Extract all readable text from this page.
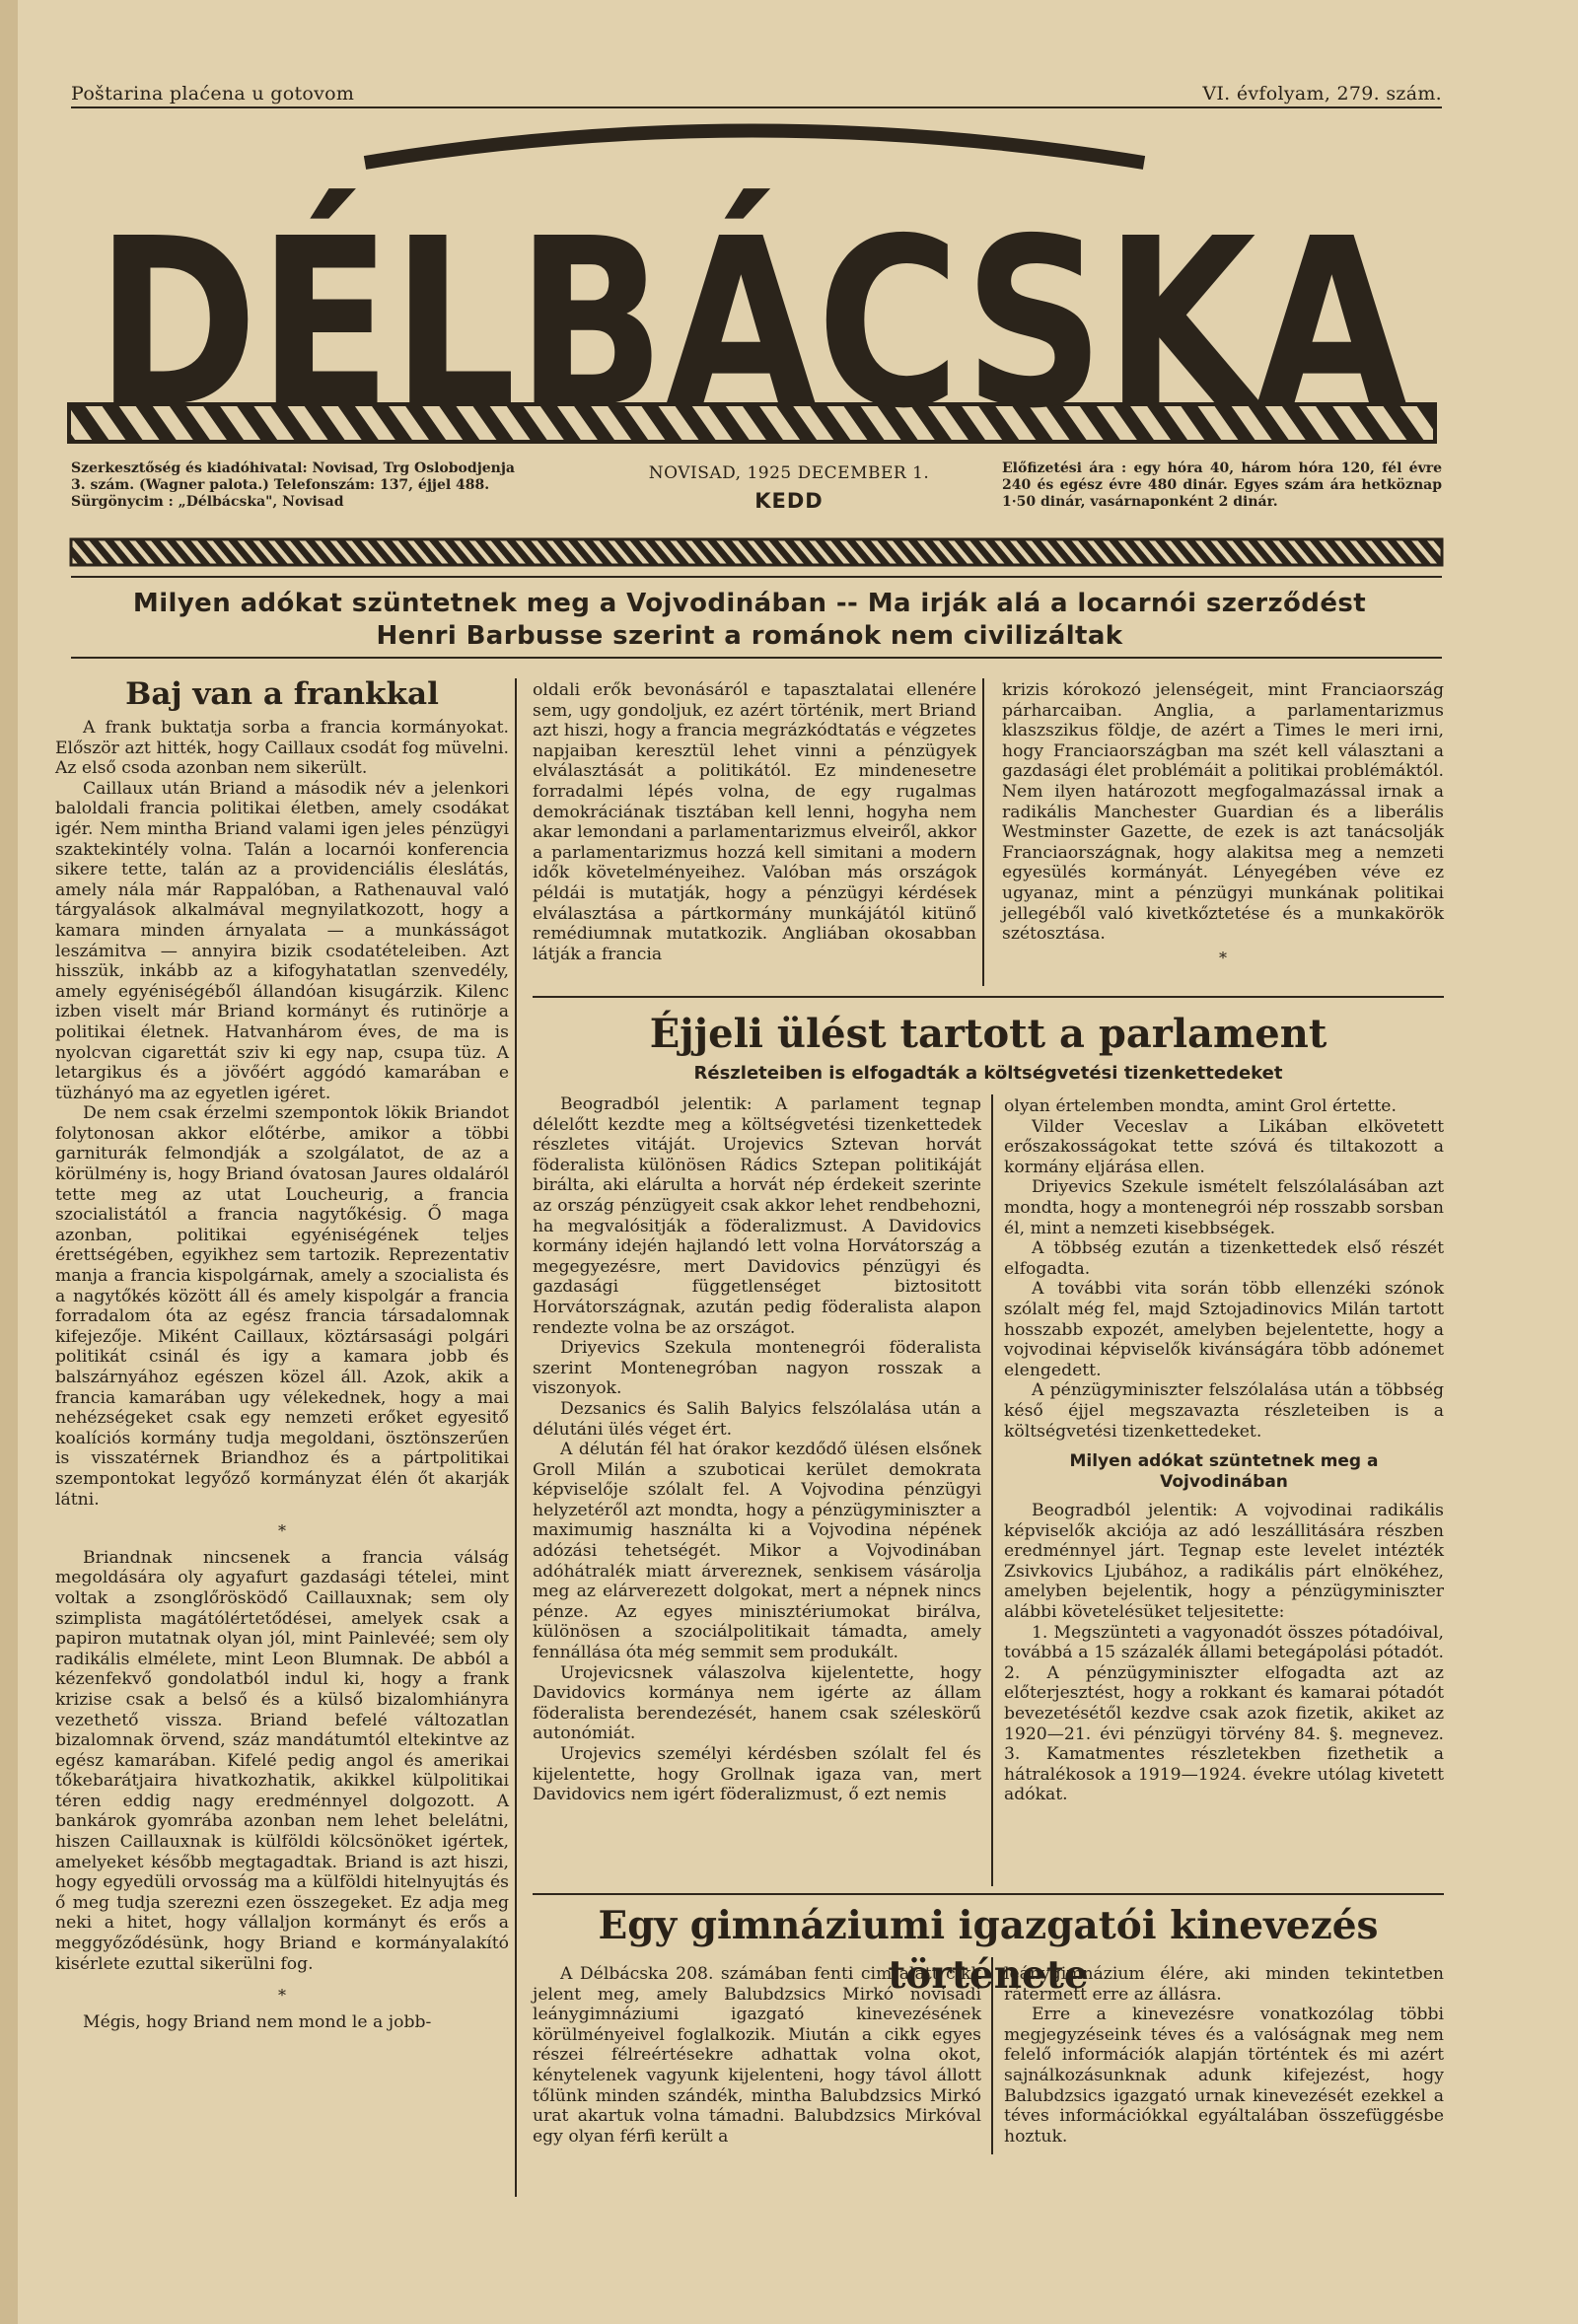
Poštarina plaćena u gotovom	VI. évfolyam, 279. szám.
DÉLBÁCSKA
Szerkesztőség és kiadóhivatal: Novisad, Trg Oslobodjenja 3. szám. (Wagner palota.) Telefonszám: 137, éjjel 488. Sürgönycim : „Délbácska", Novisad
NOVISAD, 1925 DECEMBER 1.
KEDD
Előfizetési ára : egy hóra 40, három hóra 120, fél évre 240 és egész évre 480 dinár. Egyes szám ára hetköznap 1·50 dinár, vasárnaponként 2 dinár.
Milyen adókat szüntetnek meg a Vojvodinában -- Ma irják alá a locarnói szerződést
Henri Barbusse szerint a románok nem civilizáltak
Baj van a frankkal

A frank buktatja sorba a francia kormányokat. Először azt hitték, hogy Caillaux csodát fog müvelni. Az első csoda azonban nem sikerült.

Caillaux után Briand a második név a jelenkori baloldali francia politikai életben, amely csodákat igér. Nem mintha Briand valami igen jeles pénzügyi szaktekintély volna. Talán a locarnói konferencia sikere tette, talán az a providenciális éleslátás, amely nála már Rappalóban, a Rathenauval való tárgyalások alkalmával megnyilatkozott, hogy a kamara minden árnyalata — a munkásságot leszámitva — annyira bizik csodatételeiben. Azt hisszük, inkább az a kifogyhatatlan szenvedély, amely egyéniségéből állandóan kisugárzik. Kilenc izben viselt már Briand kormányt és rutinörje a politikai életnek. Hatvanhárom éves, de ma is nyolcvan cigarettát sziv ki egy nap, csupa tüz. A letargikus és a jövőért aggódó kamarában e tüzhányó ma az egyetlen igéret.

De nem csak érzelmi szempontok lökik Briandot folytonosan akkor előtérbe, amikor a többi garniturák felmondják a szolgálatot, de az a körülmény is, hogy Briand óvatosan Jaures oldaláról tette meg az utat Loucheurig, a francia szocialistától a francia nagytőkésig. Ő maga azonban, politikai egyéniségének teljes érettségében, egyikhez sem tartozik. Reprezentativ manja a francia kispolgárnak, amely a szocialista és a nagytőkés között áll és amely kispolgár a francia forradalom óta az egész francia társadalomnak kifejezője. Miként Caillaux, köztársasági polgári politikát csinál és igy a kamara jobb és balszárnyához egészen közel áll. Azok, akik a francia kamarában ugy vélekednek, hogy a mai nehézségeket csak egy nemzeti erőket egyesitő koalíciós kormány tudja megoldani, ösztönszerűen is visszatérnek Briandhoz és a pártpolitikai szempontokat legyőző kormányzat élén őt akarják látni.

*

Briandnak nincsenek a francia válság megoldására oly agyafurt gazdasági tételei, mint voltak a zsonglőrösködő Caillauxnak; sem oly szimplista magátólértetődései, amelyek csak a papiron mutatnak olyan jól, mint Painlevéé; sem oly radikális elmélete, mint Leon Blumnak. De abból a kézenfekvő gondolatból indul ki, hogy a frank krizise csak a belső és a külső bizalomhiányra vezethető vissza. Briand befelé változatlan bizalomnak örvend, száz mandátumtól eltekintve az egész kamarában. Kifelé pedig angol és amerikai tőkebarátjaira hivatkozhatik, akikkel külpolitikai téren eddig nagy eredménnyel dolgozott. A bankárok gyomrába azonban nem lehet belelátni, hiszen Caillauxnak is külföldi kölcsönöket igértek, amelyeket később megtagadtak. Briand is azt hiszi, hogy egyedüli orvosság ma a külföldi hitelnyujtás és ő meg tudja szerezni ezen összegeket. Ez adja meg neki a hitet, hogy vállaljon kormányt és erős a meggyőződésünk, hogy Briand e kormányalakító kisérlete ezuttal sikerülni fog.

*

Mégis, hogy Briand nem mond le a jobb-

oldali erők bevonásáról e tapasztalatai ellenére sem, ugy gondoljuk, ez azért történik, mert Briand azt hiszi, hogy a francia megrázkódtatás e végzetes napjaiban keresztül lehet vinni a pénzügyek elválasztását a politikától. Ez mindenesetre forradalmi lépés volna, de egy rugalmas demokráciának tisztában kell lenni, hogyha nem akar lemondani a parlamentarizmus elveiről, akkor a parlamentarizmus hozzá kell simitani a modern idők követelményeihez. Valóban más országok példái is mutatják, hogy a pénzügyi kérdések elválasztása a pártkormány munkájától kitünő remédiumnak mutatkozik. Angliában okosabban látják a francia

krizis kórokozó jelenségeit, mint Franciaország párharcaiban. Anglia, a parlamentarizmus klaszszikus földje, de azért a Times le meri irni, hogy Franciaországban ma szét kell választani a gazdasági élet problémáit a politikai problémáktól. Nem ilyen határozott megfogalmazással irnak a radikális Manchester Guardian és a liberális Westminster Gazette, de ezek is azt tanácsolják Franciaországnak, hogy alakitsa meg a nemzeti egyesülés kormányát. Lényegében véve ez ugyanaz, mint a pénzügyi munkának politikai jellegéből való kivetkőztetése és a munkakörök szétosztása.

*

Éjjeli ülést tartott a parlament
Részleteiben is elfogadták a költségvetési tizenkettedeket

Beogradból jelentik: A parlament tegnap délelőtt kezdte meg a költségvetési tizenkettedek részletes vitáját. Urojevics Sztevan horvát föderalista különösen Rádics Sztepan politikáját birálta, aki elárulta a horvát nép érdekeit szerinte az ország pénzügyeit csak akkor lehet rendbehozni, ha megvalósitják a föderalizmust. A Davidovics kormány idején hajlandó lett volna Horvátország a megegyezésre, mert Davidovics pénzügyi és gazdasági függetlenséget biztositott Horvátországnak, azután pedig föderalista alapon rendezte volna be az országot.

Driyevics Szekula montenegrói föderalista szerint Montenegróban nagyon rosszak a viszonyok.

Dezsanics és Salih Balyics felszólalása után a délutáni ülés véget ért.

A délután fél hat órakor kezdődő ülésen elsőnek Groll Milán a szuboticai kerület demokrata képviselője szólalt fel. A Vojvodina pénzügyi helyzetéről azt mondta, hogy a pénzügyminiszter a maximumig használta ki a Vojvodina népének adózási tehetségét. Mikor a Vojvodinában adóhátralék miatt árvereznek, senkisem vásárolja meg az elárverezett dolgokat, mert a népnek nincs pénze. Az egyes minisztériumokat birálva, különösen a szociálpolitikait támadta, amely fennállása óta még semmit sem produkált.

Urojevicsnek válaszolva kijelentette, hogy Davidovics kormánya nem igérte az állam föderalista berendezését, hanem csak széleskörű autonómiát.

Urojevics személyi kérdésben szólalt fel és kijelentette, hogy Grollnak igaza van, mert Davidovics nem igért föderalizmust, ő ezt nemis

olyan értelemben mondta, amint Grol értette.

Vilder Veceslav a Likában elkövetett erőszakosságokat tette szóvá és tiltakozott a kormány eljárása ellen.

Driyevics Szekule ismételt felszólalásában azt mondta, hogy a montenegrói nép rosszabb sorsban él, mint a nemzeti kisebbségek.

A többség ezután a tizenkettedek első részét elfogadta.

A további vita során több ellenzéki szónok szólalt még fel, majd Sztojadinovics Milán tartott hosszabb expozét, amelyben bejelentette, hogy a vojvodinai képviselők kivánságára több adónemet elengedett.

A pénzügyminiszter felszólalása után a többség késő éjjel megszavazta részleteiben is a költségvetési tizenkettedeket.

Milyen adókat szüntetnek meg a Vojvodinában

Beogradból jelentik: A vojvodinai radikális képviselők akciója az adó leszállitására részben eredménnyel járt. Tegnap este levelet intézték Zsivkovics Ljubához, a radikális párt elnökéhez, amelyben bejelentik, hogy a pénzügyminiszter alábbi követelésüket teljesitette:

1. Megszünteti a vagyonadót összes pótadóival, továbbá a 15 százalék állami betegápolási pótadót. 2. A pénzügyminiszter elfogadta azt az előterjesztést, hogy a rokkant és kamarai pótadót bevezetésétől kezdve csak azok fizetik, akiket az 1920—21. évi pénzügyi törvény 84. §. megnevez. 3. Kamatmentes részletekben fizethetik a hátralékosok a 1919—1924. évekre utólag kivetett adókat.

Egy gimnáziumi igazgatói kinevezés története

A Délbácska 208. számában fenti cim alatt cikk jelent meg, amely Balubdzsics Mirkó novisadi leánygimnáziumi igazgató kinevezésének körülményeivel foglalkozik. Miután a cikk egyes részei félreértésekre adhattak volna okot, kénytelenek vagyunk kijelenteni, hogy távol állott tőlünk minden szándék, mintha Balubdzsics Mirkó urat akartuk volna támadni. Balubdzsics Mirkóval egy olyan férfi került a

leánygimnázium élére, aki minden tekintetben rátermett erre az állásra.

Erre a kinevezésre vonatkozólag többi megjegyzéseink téves és a valóságnak meg nem felelő információk alapján történtek és mi azért sajnálkozásunknak adunk kifejezést, hogy Balubdzsics igazgató urnak kinevezését ezekkel a téves információkkal egyáltalában összefüggésbe hoztuk.
